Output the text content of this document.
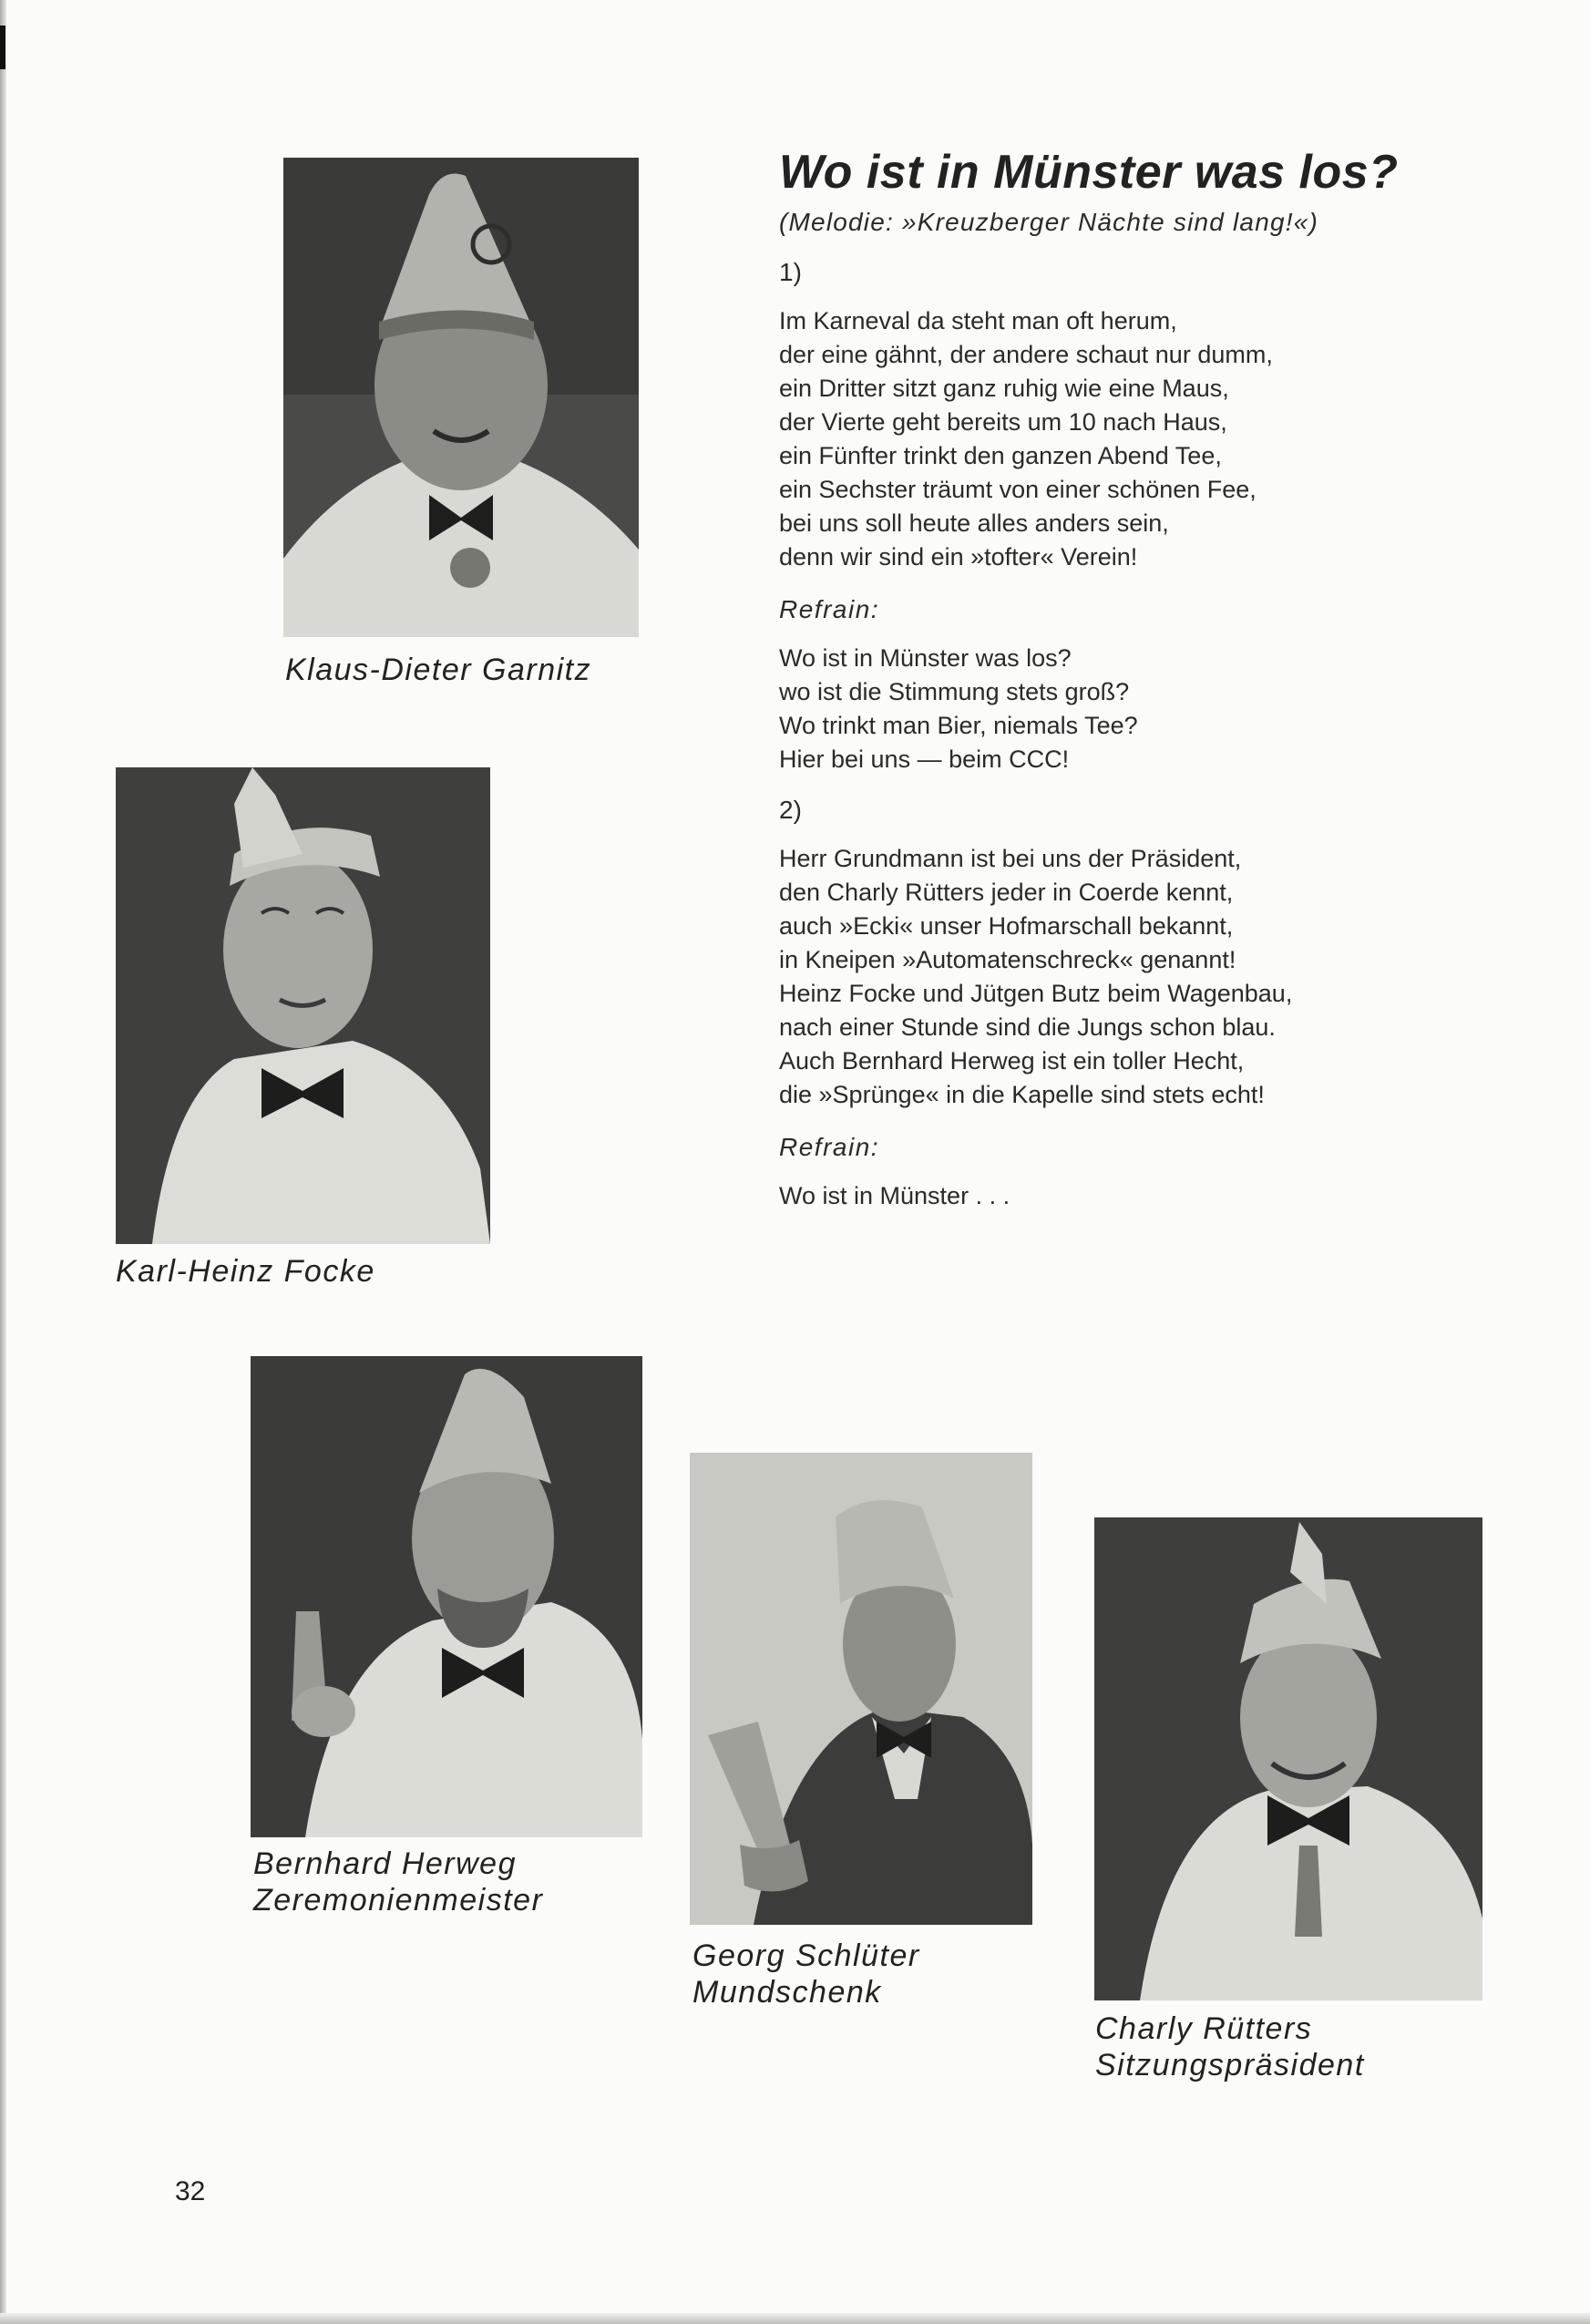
Klaus-Dieter Garnitz

Karl-Heinz Focke

Bernhard Herweg
Zeremonienmeister

Georg Schlüter
Mundschenk

Charly Rütters
Sitzungspräsident

Wo ist in Münster was los?

(Melodie: »Kreuzberger Nächte sind lang!«)

1)

Im Karneval da steht man oft herum,
der eine gähnt, der andere schaut nur dumm,
ein Dritter sitzt ganz ruhig wie eine Maus,
der Vierte geht bereits um 10 nach Haus,
ein Fünfter trinkt den ganzen Abend Tee,
ein Sechster träumt von einer schönen Fee,
bei uns soll heute alles anders sein,
denn wir sind ein »tofter« Verein!

Refrain:

Wo ist in Münster was los?
wo ist die Stimmung stets groß?
Wo trinkt man Bier, niemals Tee?
Hier bei uns — beim CCC!

2)

Herr Grundmann ist bei uns der Präsident,
den Charly Rütters jeder in Coerde kennt,
auch »Ecki« unser Hofmarschall bekannt,
in Kneipen »Automatenschreck« genannt!
Heinz Focke und Jütgen Butz beim Wagenbau,
nach einer Stunde sind die Jungs schon blau.
Auch Bernhard Herweg ist ein toller Hecht,
die »Sprünge« in die Kapelle sind stets echt!

Refrain:

Wo ist in Münster . . .

32
